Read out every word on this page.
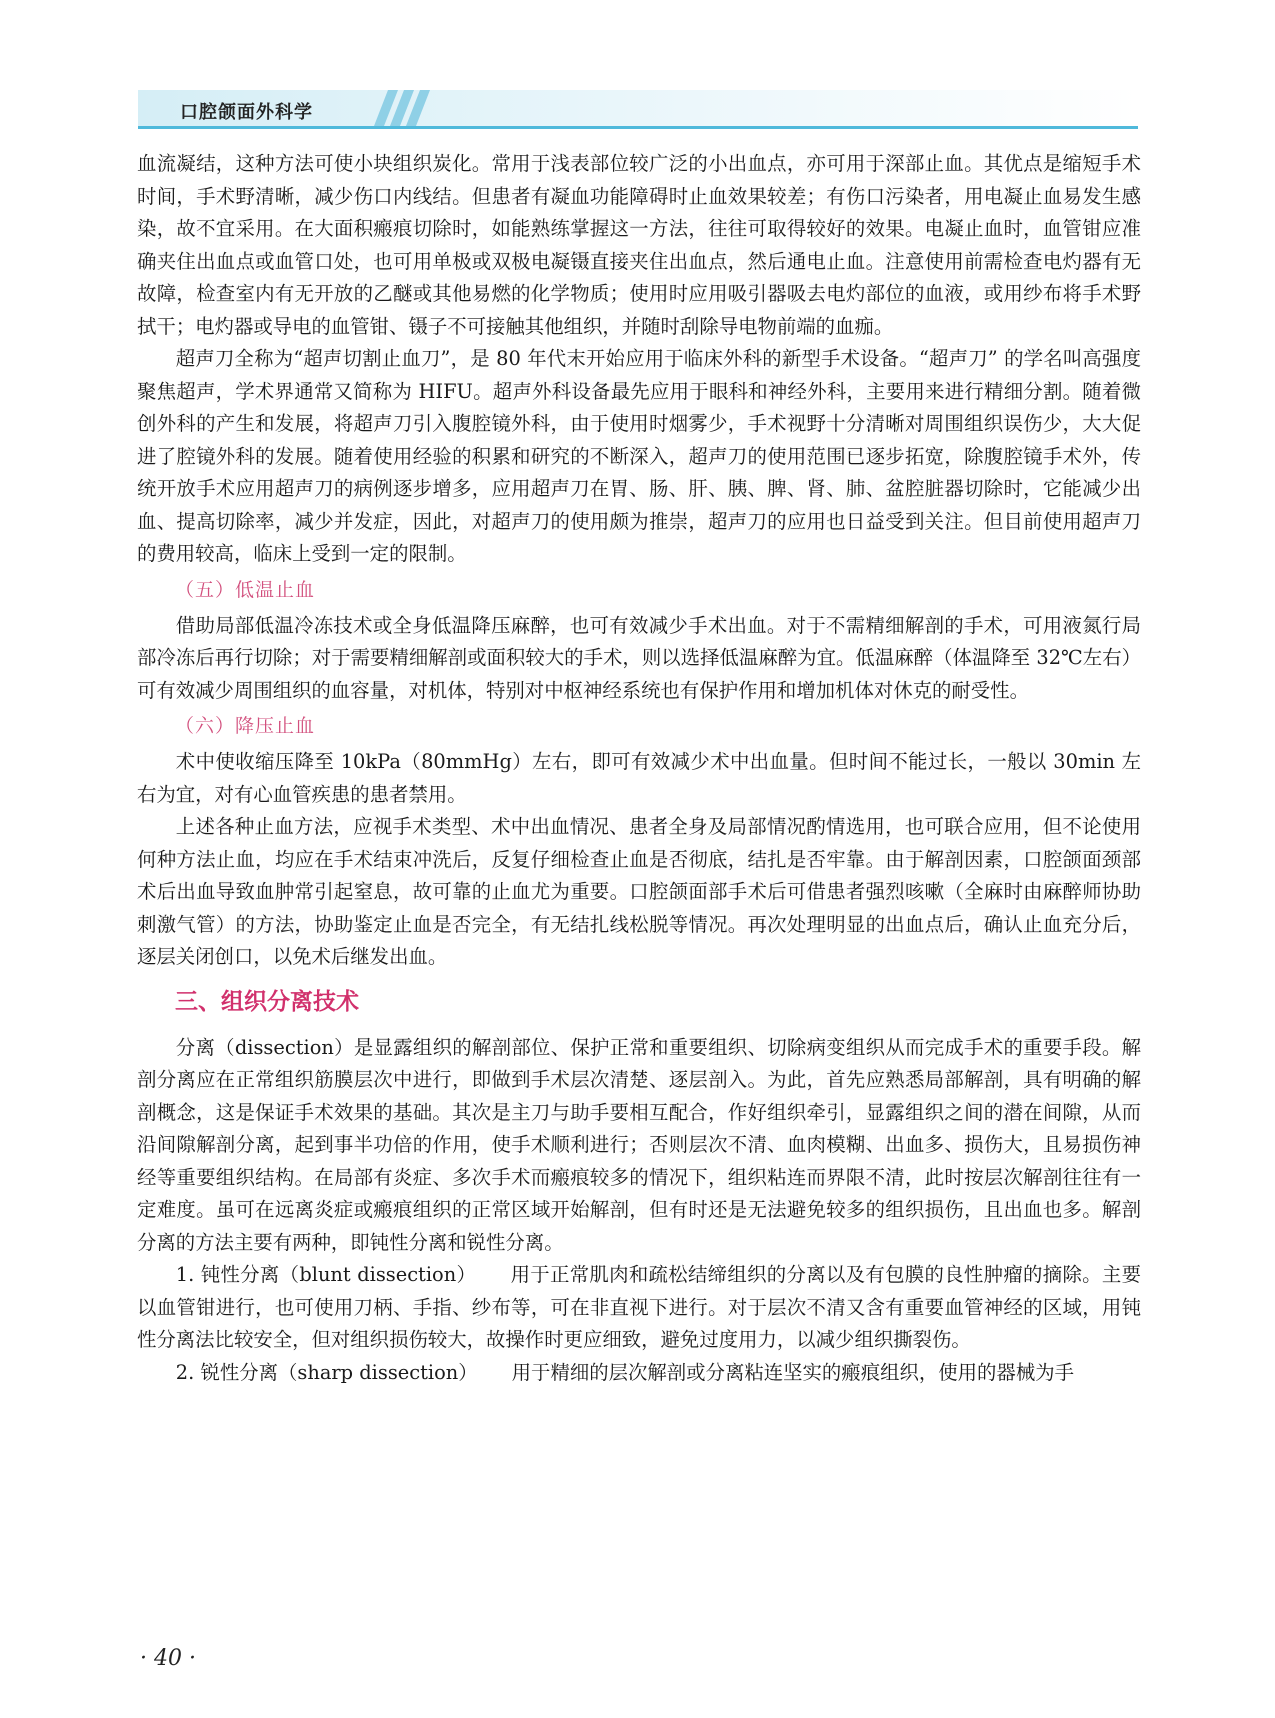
口腔颌面外科学

血流凝结，这种方法可使小块组织炭化。常用于浅表部位较广泛的小出血点，亦可用于深部止血。其优点是缩短手术时间，手术野清晰，减少伤口内线结。但患者有凝血功能障碍时止血效果较差；有伤口污染者，用电凝止血易发生感染，故不宜采用。在大面积瘢痕切除时，如能熟练掌握这一方法，往往可取得较好的效果。电凝止血时，血管钳应准确夹住出血点或血管口处，也可用单极或双极电凝镊直接夹住出血点，然后通电止血。注意使用前需检查电灼器有无故障，检查室内有无开放的乙醚或其他易燃的化学物质；使用时应用吸引器吸去电灼部位的血液，或用纱布将手术野拭干；电灼器或导电的血管钳、镊子不可接触其他组织，并随时刮除导电物前端的血痂。

超声刀全称为“超声切割止血刀”，是 80 年代末开始应用于临床外科的新型手术设备。“超声刀” 的学名叫高强度聚焦超声，学术界通常又简称为 HIFU。超声外科设备最先应用于眼科和神经外科，主要用来进行精细分割。随着微创外科的产生和发展，将超声刀引入腹腔镜外科，由于使用时烟雾少，手术视野十分清晰对周围组织误伤少，大大促进了腔镜外科的发展。随着使用经验的积累和研究的不断深入，超声刀的使用范围已逐步拓宽，除腹腔镜手术外，传统开放手术应用超声刀的病例逐步增多，应用超声刀在胃、肠、肝、胰、脾、肾、肺、盆腔脏器切除时，它能减少出血、提高切除率，减少并发症，因此，对超声刀的使用颇为推崇，超声刀的应用也日益受到关注。但目前使用超声刀的费用较高，临床上受到一定的限制。

（五）低温止血

借助局部低温冷冻技术或全身低温降压麻醉，也可有效减少手术出血。对于不需精细解剖的手术，可用液氮行局部冷冻后再行切除；对于需要精细解剖或面积较大的手术，则以选择低温麻醉为宜。低温麻醉（体温降至 32℃左右）可有效减少周围组织的血容量，对机体，特别对中枢神经系统也有保护作用和增加机体对休克的耐受性。

（六）降压止血

术中使收缩压降至 10kPa（80mmHg）左右，即可有效减少术中出血量。但时间不能过长，一般以 30min 左右为宜，对有心血管疾患的患者禁用。

上述各种止血方法，应视手术类型、术中出血情况、患者全身及局部情况酌情选用，也可联合应用，但不论使用何种方法止血，均应在手术结束冲洗后，反复仔细检查止血是否彻底，结扎是否牢靠。由于解剖因素，口腔颌面颈部术后出血导致血肿常引起窒息，故可靠的止血尤为重要。口腔颌面部手术后可借患者强烈咳嗽（全麻时由麻醉师协助刺激气管）的方法，协助鉴定止血是否完全，有无结扎线松脱等情况。再次处理明显的出血点后，确认止血充分后，逐层关闭创口，以免术后继发出血。

三、组织分离技术

分离（dissection）是显露组织的解剖部位、保护正常和重要组织、切除病变组织从而完成手术的重要手段。解剖分离应在正常组织筋膜层次中进行，即做到手术层次清楚、逐层剖入。为此，首先应熟悉局部解剖，具有明确的解剖概念，这是保证手术效果的基础。其次是主刀与助手要相互配合，作好组织牵引，显露组织之间的潜在间隙，从而沿间隙解剖分离，起到事半功倍的作用，使手术顺利进行；否则层次不清、血肉模糊、出血多、损伤大，且易损伤神经等重要组织结构。在局部有炎症、多次手术而瘢痕较多的情况下，组织粘连而界限不清，此时按层次解剖往往有一定难度。虽可在远离炎症或瘢痕组织的正常区域开始解剖，但有时还是无法避免较多的组织损伤，且出血也多。解剖分离的方法主要有两种，即钝性分离和锐性分离。

1. 钝性分离（blunt dissection） 用于正常肌肉和疏松结缔组织的分离以及有包膜的良性肿瘤的摘除。主要以血管钳进行，也可使用刀柄、手指、纱布等，可在非直视下进行。对于层次不清又含有重要血管神经的区域，用钝性分离法比较安全，但对组织损伤较大，故操作时更应细致，避免过度用力，以减少组织撕裂伤。

2. 锐性分离（sharp dissection） 用于精细的层次解剖或分离粘连坚实的瘢痕组织，使用的器械为手

· 40 ·
